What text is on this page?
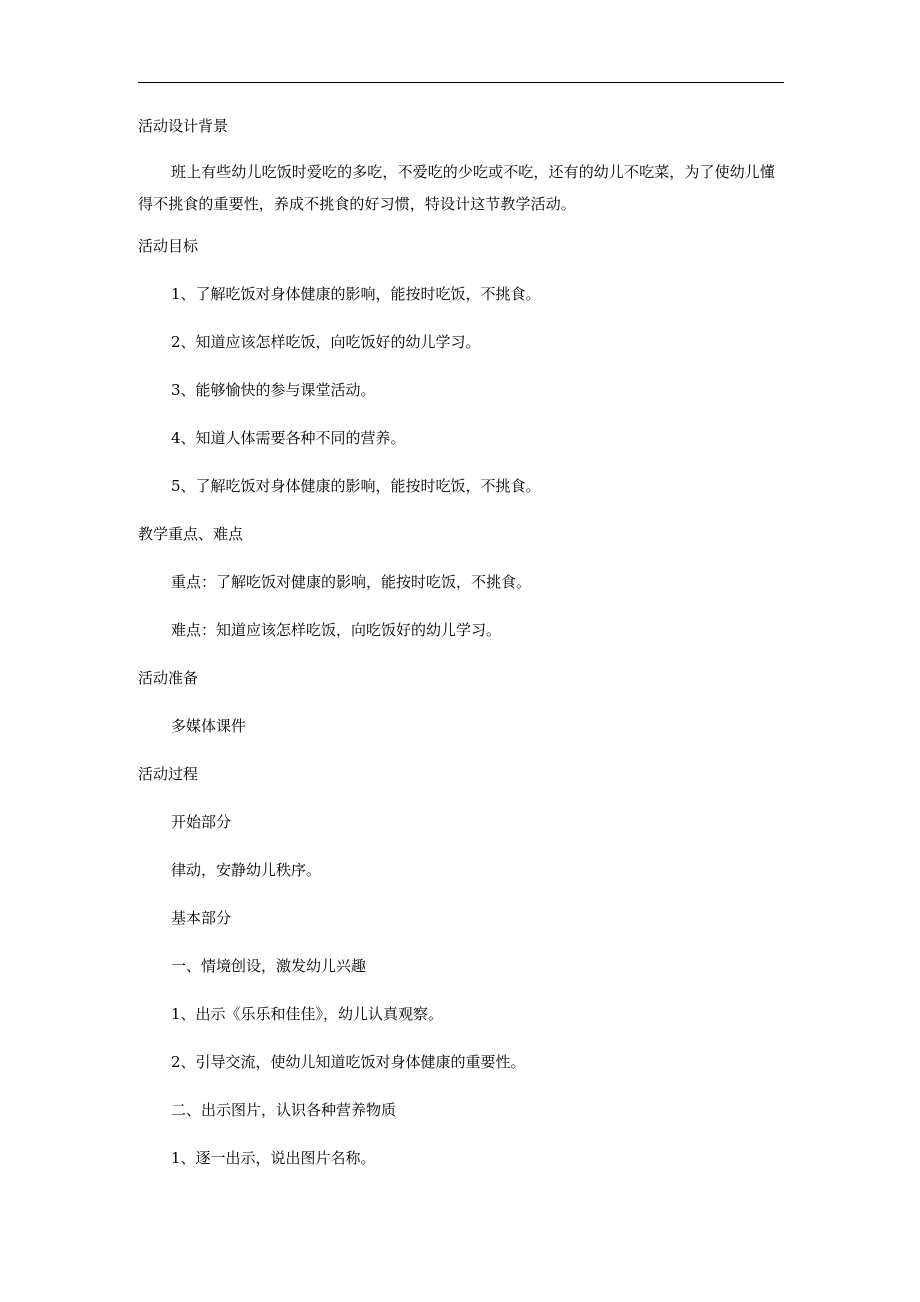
活动设计背景
班上有些幼儿吃饭时爱吃的多吃，不爱吃的少吃或不吃，还有的幼儿不吃菜，为了使幼儿懂得不挑食的重要性，养成不挑食的好习惯，特设计这节教学活动。
活动目标
1、了解吃饭对身体健康的影响，能按时吃饭，不挑食。
2、知道应该怎样吃饭，向吃饭好的幼儿学习。
3、能够愉快的参与课堂活动。
4、知道人体需要各种不同的营养。
5、了解吃饭对身体健康的影响，能按时吃饭，不挑食。
教学重点、难点
重点：了解吃饭对健康的影响，能按时吃饭，不挑食。
难点：知道应该怎样吃饭，向吃饭好的幼儿学习。
活动准备
多媒体课件
活动过程
开始部分
律动，安静幼儿秩序。
基本部分
一、情境创设，激发幼儿兴趣
1、出示《乐乐和佳佳》，幼儿认真观察。
2、引导交流，使幼儿知道吃饭对身体健康的重要性。
二、出示图片，认识各种营养物质
1、逐一出示，说出图片名称。
